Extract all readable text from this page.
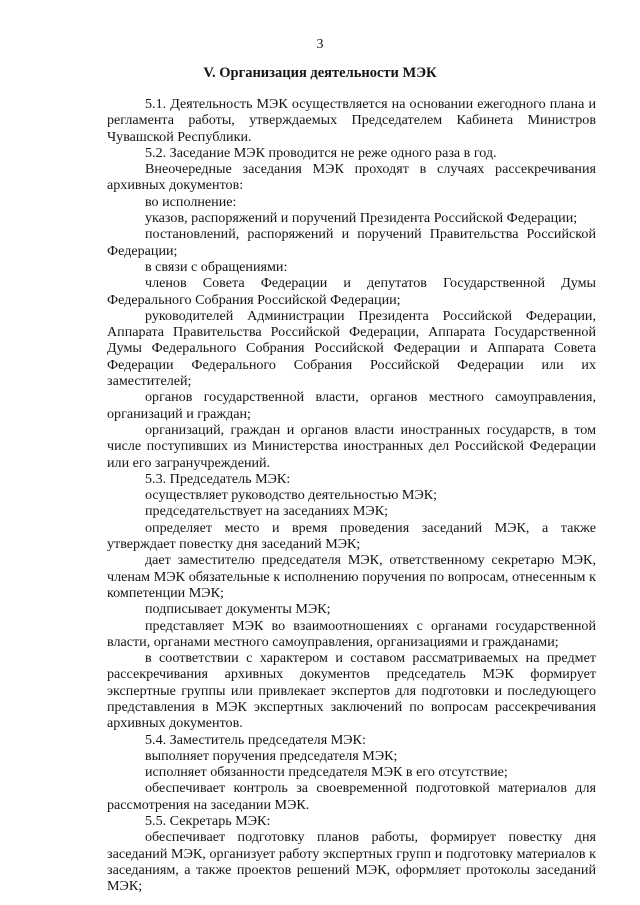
3
V. Организация деятельности МЭК

5.1. Деятельность МЭК осуществляется на основании ежегодного плана и регламента работы, утверждаемых Председателем Кабинета Министров Чувашской Республики.

5.2. Заседание МЭК проводится не реже одного раза в год.

Внеочередные заседания МЭК проходят в случаях рассекречивания архивных документов:

во исполнение:

указов, распоряжений и поручений Президента Российской Федерации;

постановлений, распоряжений и поручений Правительства Российской Федерации;

в связи с обращениями:

членов Совета Федерации и депутатов Государственной Думы Федерального Собрания Российской Федерации;

руководителей Администрации Президента Российской Федерации, Аппарата Правительства Российской Федерации, Аппарата Государственной Думы Федерального Собрания Российской Федерации и Аппарата Совета Федерации Федерального Собрания Российской Федерации или их заместителей;

органов государственной власти, органов местного самоуправления, организаций и граждан;

организаций, граждан и органов власти иностранных государств, в том числе поступивших из Министерства иностранных дел Российской Федерации или его загранучреждений.

5.3. Председатель МЭК:

осуществляет руководство деятельностью МЭК;

председательствует на заседаниях МЭК;

определяет место и время проведения заседаний МЭК, а также утверждает повестку дня заседаний МЭК;

дает заместителю председателя МЭК, ответственному секретарю МЭК, членам МЭК обязательные к исполнению поручения по вопросам, отнесенным к компетенции МЭК;

подписывает документы МЭК;

представляет МЭК во взаимоотношениях с органами государственной власти, органами местного самоуправления, организациями и гражданами;

в соответствии с характером и составом рассматриваемых на предмет рассекречивания архивных документов председатель МЭК формирует экспертные группы или привлекает экспертов для подготовки и последующего представления в МЭК экспертных заключений по вопросам рассекречивания архивных документов.

5.4. Заместитель председателя МЭК:

выполняет поручения председателя МЭК;

исполняет обязанности председателя МЭК в его отсутствие;

обеспечивает контроль за своевременной подготовкой материалов для рассмотрения на заседании МЭК.

5.5. Секретарь МЭК:

обеспечивает подготовку планов работы, формирует повестку дня заседаний МЭК, организует работу экспертных групп и подготовку материалов к заседаниям, а также проектов решений МЭК, оформляет протоколы заседаний МЭК;
